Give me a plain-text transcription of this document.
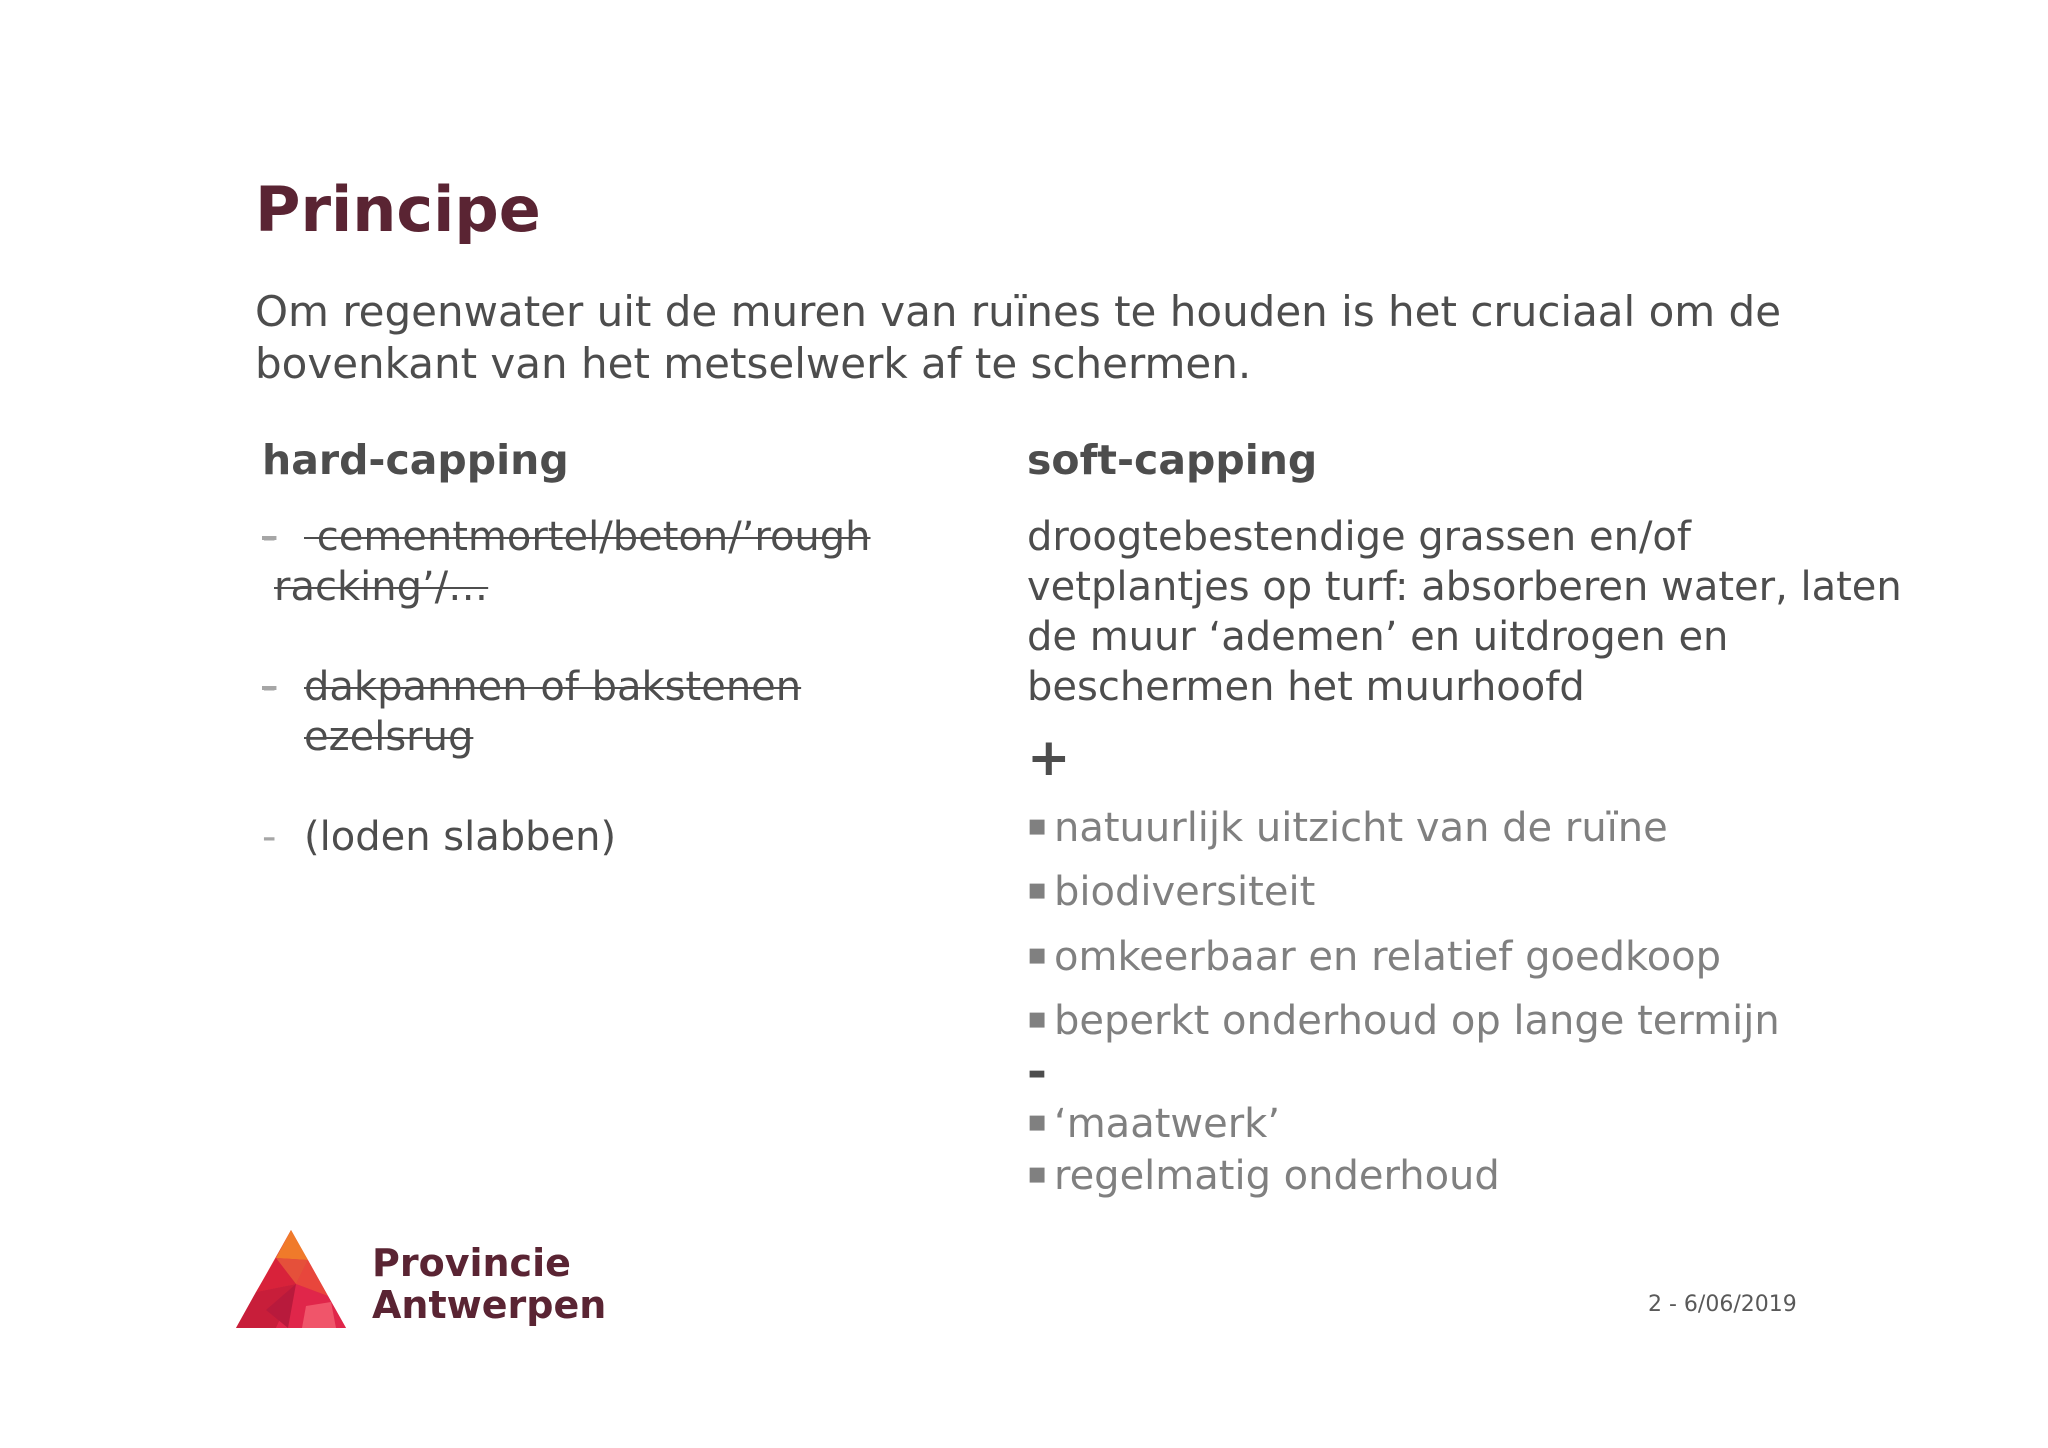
Principe

Om regenwater uit de muren van ruïnes te houden is het cruciaal om de bovenkant van het metselwerk af te schermen.

hard-capping	soft-capping
- cementmortel/beton/’rough
racking’/…
- dakpannen of bakstenen
ezelsrug
- (loden slabben)

droogtebestendige grassen en/of vetplantjes op turf: absorberen water, laten de muur ‘ademen’ en uitdrogen en beschermen het muurhoofd

+
▪ natuurlijk uitzicht van de ruïne
▪ biodiversiteit
▪ omkeerbaar en relatief goedkoop
▪ beperkt onderhoud op lange termijn
-
▪ ‘maatwerk’
▪ regelmatig onderhoud
Provincie
Antwerpen	2 - 6/06/2019
